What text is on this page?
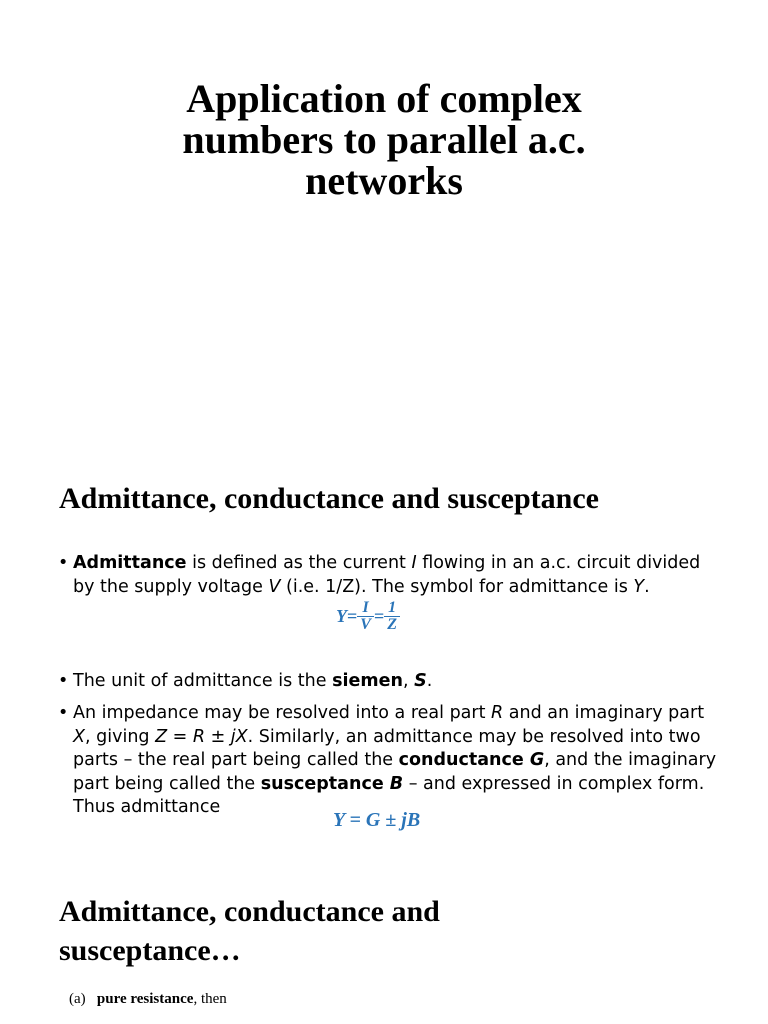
Application of complex
numbers to parallel a.c.
networks
Admittance, conductance and susceptance
• Admittance is defined as the current I flowing in an a.c. circuit divided by the supply voltage V (i.e. 1/Z). The symbol for admittance is Y.
$Y= \frac{I}{V} = \frac{1}{Z}$
• The unit of admittance is the siemen, S.
• An impedance may be resolved into a real part R and an imaginary part X, giving Z = R ± jX. Similarly, an admittance may be resolved into two parts – the real part being called the conductance G, and the imaginary part being called the susceptance B – and expressed in complex form. Thus admittance
Y = G ± jB
Admittance, conductance and
susceptance…
(a) pure resistance, then
